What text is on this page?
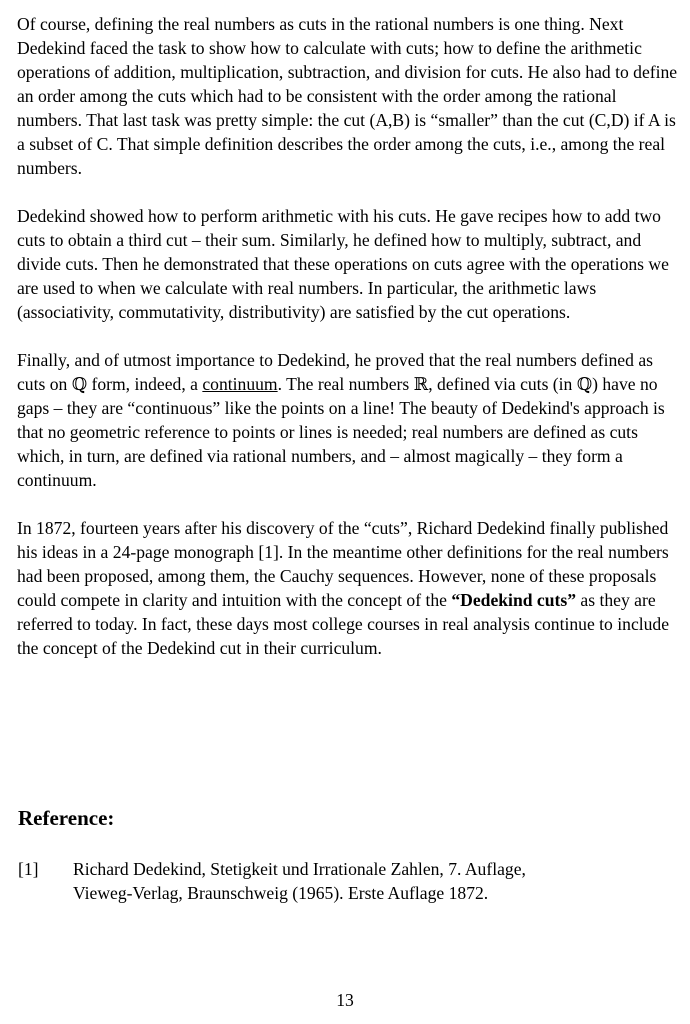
Of course, defining the real numbers as cuts in the rational numbers is one thing. Next Dedekind faced the task to show how to calculate with cuts; how to define the arithmetic operations of addition, multiplication, subtraction, and division for cuts. He also had to define an order among the cuts which had to be consistent with the order among the rational numbers. That last task was pretty simple: the cut (A,B) is “smaller” than the cut (C,D) if A is a subset of C. That simple definition describes the order among the cuts, i.e., among the real numbers.

Dedekind showed how to perform arithmetic with his cuts. He gave recipes how to add two cuts to obtain a third cut – their sum. Similarly, he defined how to multiply, subtract, and divide cuts. Then he demonstrated that these operations on cuts agree with the operations we are used to when we calculate with real numbers. In particular, the arithmetic laws (associativity, commutativity, distributivity) are satisfied by the cut operations.

Finally, and of utmost importance to Dedekind, he proved that the real numbers defined as cuts on ℚ form, indeed, a continuum. The real numbers ℝ, defined via cuts (in ℚ) have no gaps – they are “continuous” like the points on a line! The beauty of Dedekind's approach is that no geometric reference to points or lines is needed; real numbers are defined as cuts which, in turn, are defined via rational numbers, and – almost magically – they form a continuum.

In 1872, fourteen years after his discovery of the “cuts”, Richard Dedekind finally published his ideas in a 24-page monograph [1]. In the meantime other definitions for the real numbers had been proposed, among them, the Cauchy sequences. However, none of these proposals could compete in clarity and intuition with the concept of the “Dedekind cuts” as they are referred to today. In fact, these days most college courses in real analysis continue to include the concept of the Dedekind cut in their curriculum.

Reference:
[1] Richard Dedekind, Stetigkeit und Irrationale Zahlen, 7. Auflage,
Vieweg-Verlag, Braunschweig (1965). Erste Auflage 1872.
13
